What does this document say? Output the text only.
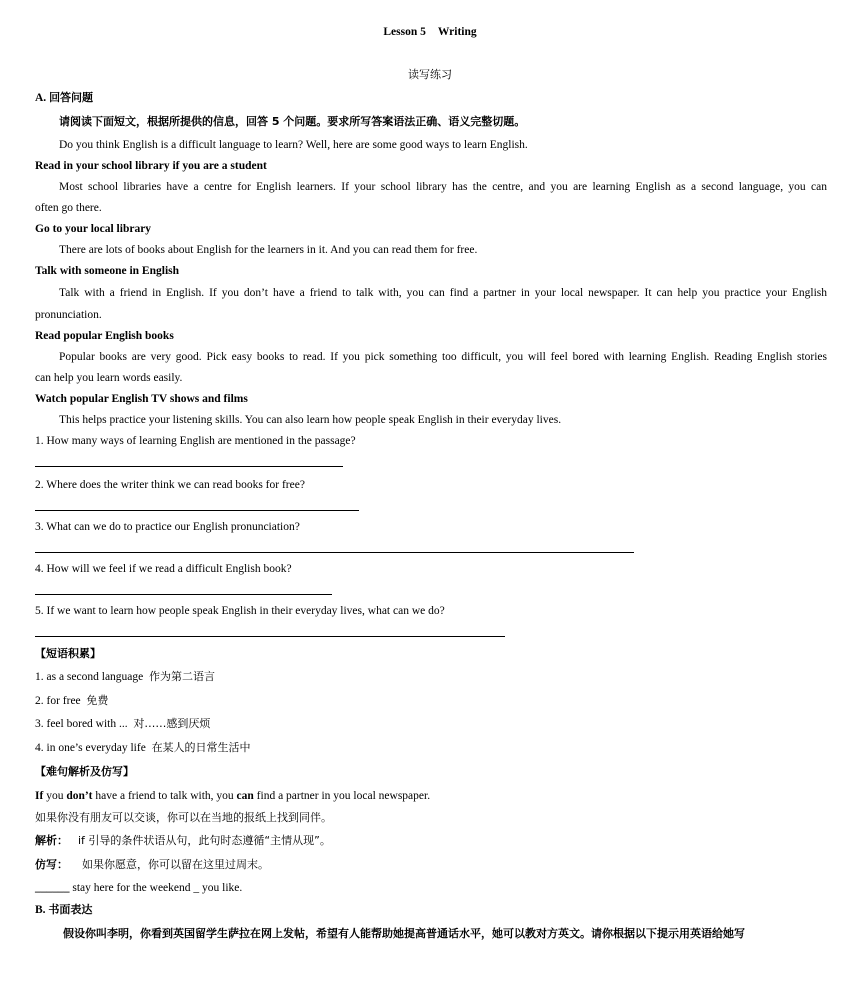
Lesson 5 Writing
读写练习
A. 回答问题
请阅读下面短文，根据所提供的信息，回答 5 个问题。要求所写答案语法正确、语义完整切题。
Do you think English is a difficult language to learn? Well, here are some good ways to learn English.
Read in your school library if you are a student
Most school libraries have a centre for English learners. If your school library has the centre, and you are learning English as a second language, you can
often go there.
Go to your local library
There are lots of books about English for the learners in it. And you can read them for free.
Talk with someone in English
Talk with a friend in English. If you don’t have a friend to talk with, you can find a partner in your local newspaper. It can help you practice your English
pronunciation.
Read popular English books
Popular books are very good. Pick easy books to read. If you pick something too difficult, you will feel bored with learning English. Reading English stories
can help you learn words easily.
Watch popular English TV shows and films
This helps practice your listening skills. You can also learn how people speak English in their everyday lives.
1. How many ways of learning English are mentioned in the passage?
2. Where does the writer think we can read books for free?
3. What can we do to practice our English pronunciation?
4. How will we feel if we read a difficult English book?
5. If we want to learn how people speak English in their everyday lives, what can we do?
【短语积累】
1. as a second language 作为第二语言
2. for free 免费
3. feel bored with ... 对……感到厌烦
4. in one’s everyday life 在某人的日常生活中
【难句解析及仿写】
If you don’t have a friend to talk with, you can find a partner in you local newspaper.
如果你没有朋友可以交谈，你可以在当地的报纸上找到同伴。
解析： if 引导的条件状语从句，此句时态遵循“主情从现”。
仿写： 如果你愿意，你可以留在这里过周末。
______ stay here for the weekend _ you like.
B. 书面表达
假设你叫李明，你看到英国留学生萨拉在网上发帖，希望有人能帮助她提高普通话水平，她可以教对方英文。请你根据以下提示用英语给她写
